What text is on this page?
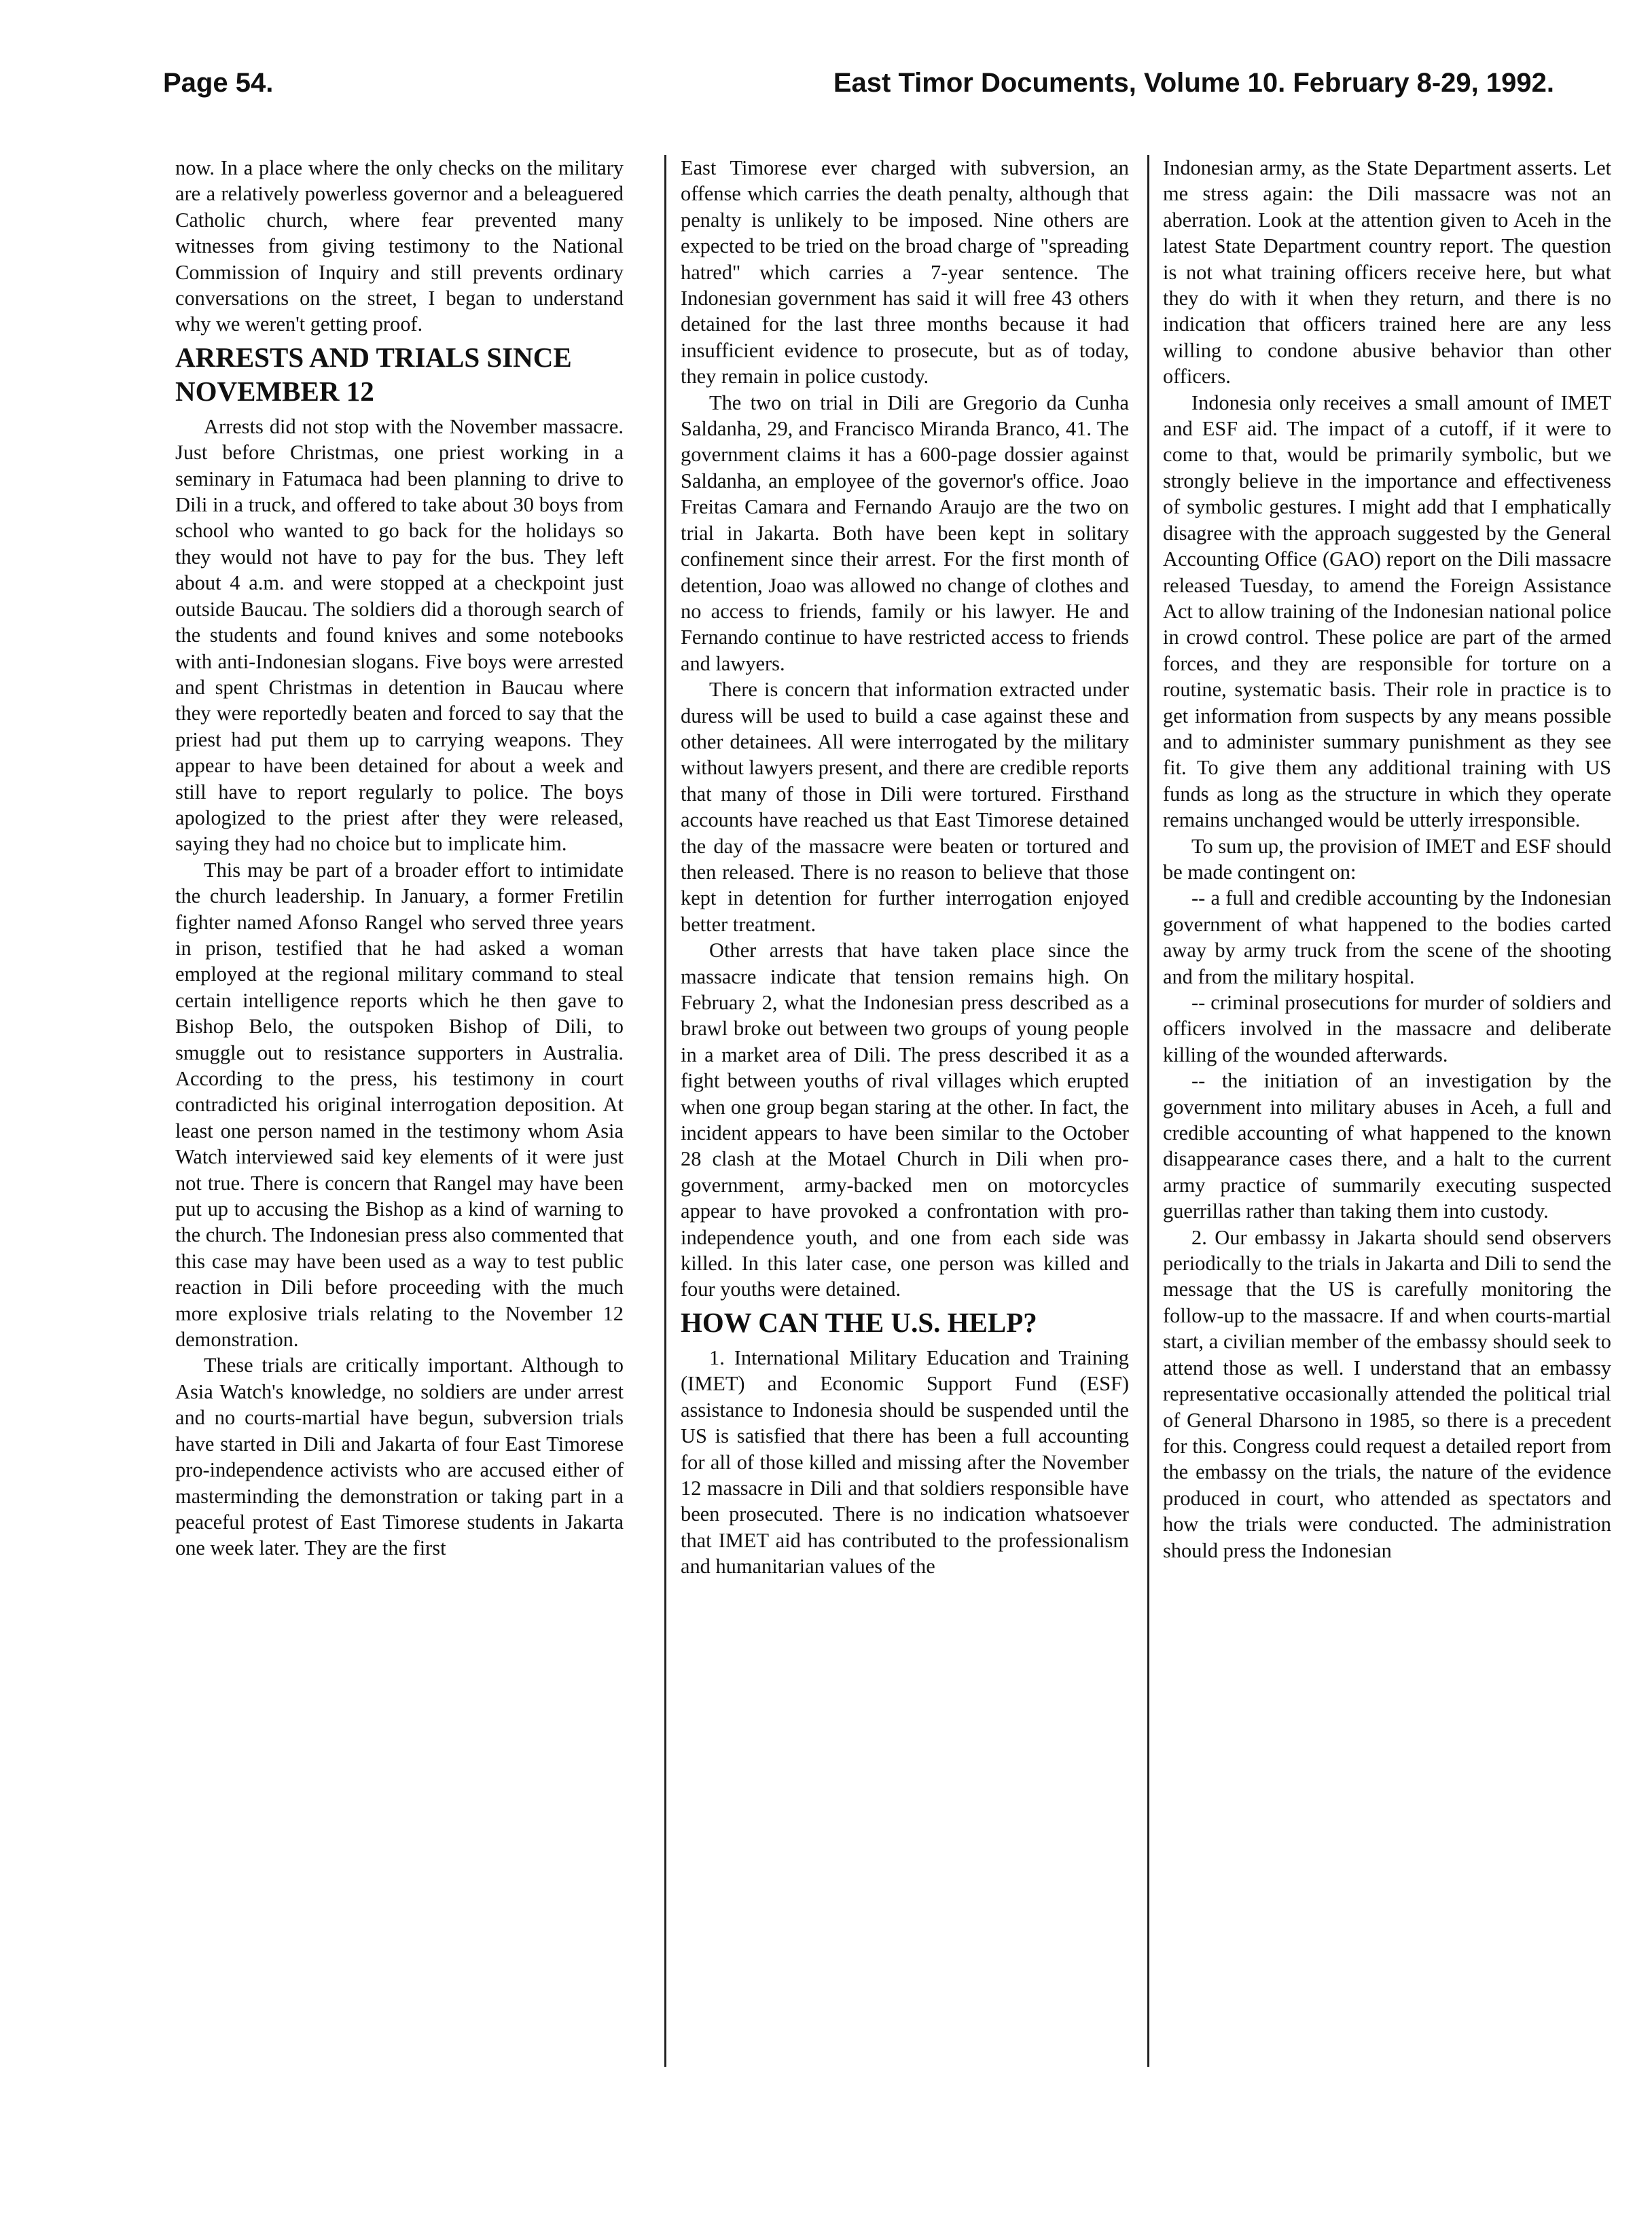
Page 54.	East Timor Documents, Volume 10. February 8-29, 1992.

now. In a place where the only checks on the military are a relatively powerless governor and a beleaguered Catholic church, where fear prevented many witnesses from giving testimony to the National Commission of Inquiry and still prevents ordinary conversations on the street, I began to understand why we weren't getting proof.

ARRESTS AND TRIALS SINCE NOVEMBER 12

Arrests did not stop with the November massacre. Just before Christmas, one priest working in a seminary in Fatumaca had been planning to drive to Dili in a truck, and offered to take about 30 boys from school who wanted to go back for the holidays so they would not have to pay for the bus. They left about 4 a.m. and were stopped at a checkpoint just outside Baucau. The soldiers did a thorough search of the students and found knives and some notebooks with anti-Indonesian slogans. Five boys were arrested and spent Christmas in detention in Baucau where they were reportedly beaten and forced to say that the priest had put them up to carrying weapons. They appear to have been detained for about a week and still have to report regularly to police. The boys apologized to the priest after they were released, saying they had no choice but to implicate him.

This may be part of a broader effort to intimidate the church leadership. In January, a former Fretilin fighter named Afonso Rangel who served three years in prison, testified that he had asked a woman employed at the regional military command to steal certain intelligence reports which he then gave to Bishop Belo, the outspoken Bishop of Dili, to smuggle out to resistance supporters in Australia. According to the press, his testimony in court contradicted his original interrogation deposition. At least one person named in the testimony whom Asia Watch interviewed said key elements of it were just not true. There is concern that Rangel may have been put up to accusing the Bishop as a kind of warning to the church. The Indonesian press also commented that this case may have been used as a way to test public reaction in Dili before proceeding with the much more explosive trials relating to the November 12 demonstration.

These trials are critically important. Although to Asia Watch's knowledge, no soldiers are under arrest and no courts-martial have begun, subversion trials have started in Dili and Jakarta of four East Timorese pro-independence activists who are accused either of masterminding the demonstration or taking part in a peaceful protest of East Timorese students in Jakarta one week later. They are the first

East Timorese ever charged with subversion, an offense which carries the death penalty, although that penalty is unlikely to be imposed. Nine others are expected to be tried on the broad charge of "spreading hatred" which carries a 7-year sentence. The Indonesian government has said it will free 43 others detained for the last three months because it had insufficient evidence to prosecute, but as of today, they remain in police custody.

The two on trial in Dili are Gregorio da Cunha Saldanha, 29, and Francisco Miranda Branco, 41. The government claims it has a 600-page dossier against Saldanha, an employee of the governor's office. Joao Freitas Camara and Fernando Araujo are the two on trial in Jakarta. Both have been kept in solitary confinement since their arrest. For the first month of detention, Joao was allowed no change of clothes and no access to friends, family or his lawyer. He and Fernando continue to have restricted access to friends and lawyers.

There is concern that information extracted under duress will be used to build a case against these and other detainees. All were interrogated by the military without lawyers present, and there are credible reports that many of those in Dili were tortured. Firsthand accounts have reached us that East Timorese detained the day of the massacre were beaten or tortured and then released. There is no reason to believe that those kept in detention for further interrogation enjoyed better treatment.

Other arrests that have taken place since the massacre indicate that tension remains high. On February 2, what the Indonesian press described as a brawl broke out between two groups of young people in a market area of Dili. The press described it as a fight between youths of rival villages which erupted when one group began staring at the other. In fact, the incident appears to have been similar to the October 28 clash at the Motael Church in Dili when pro-government, army-backed men on motorcycles appear to have provoked a confrontation with pro-independence youth, and one from each side was killed. In this later case, one person was killed and four youths were detained.

HOW CAN THE U.S. HELP?

1. International Military Education and Training (IMET) and Economic Support Fund (ESF) assistance to Indonesia should be suspended until the US is satisfied that there has been a full accounting for all of those killed and missing after the November 12 massacre in Dili and that soldiers responsible have been prosecuted. There is no indication whatsoever that IMET aid has contributed to the professionalism and humanitarian values of the

Indonesian army, as the State Department asserts. Let me stress again: the Dili massacre was not an aberration. Look at the attention given to Aceh in the latest State Department country report. The question is not what training officers receive here, but what they do with it when they return, and there is no indication that officers trained here are any less willing to condone abusive behavior than other officers.

Indonesia only receives a small amount of IMET and ESF aid. The impact of a cutoff, if it were to come to that, would be primarily symbolic, but we strongly believe in the importance and effectiveness of symbolic gestures. I might add that I emphatically disagree with the approach suggested by the General Accounting Office (GAO) report on the Dili massacre released Tuesday, to amend the Foreign Assistance Act to allow training of the Indonesian national police in crowd control. These police are part of the armed forces, and they are responsible for torture on a routine, systematic basis. Their role in practice is to get information from suspects by any means possible and to administer summary punishment as they see fit. To give them any additional training with US funds as long as the structure in which they operate remains unchanged would be utterly irresponsible.

To sum up, the provision of IMET and ESF should be made contingent on:

-- a full and credible accounting by the Indonesian government of what happened to the bodies carted away by army truck from the scene of the shooting and from the military hospital.

-- criminal prosecutions for murder of soldiers and officers involved in the massacre and deliberate killing of the wounded afterwards.

-- the initiation of an investigation by the government into military abuses in Aceh, a full and credible accounting of what happened to the known disappearance cases there, and a halt to the current army practice of summarily executing suspected guerrillas rather than taking them into custody.

2. Our embassy in Jakarta should send observers periodically to the trials in Jakarta and Dili to send the message that the US is carefully monitoring the follow-up to the massacre. If and when courts-martial start, a civilian member of the embassy should seek to attend those as well. I understand that an embassy representative occasionally attended the political trial of General Dharsono in 1985, so there is a precedent for this. Congress could request a detailed report from the embassy on the trials, the nature of the evidence produced in court, who attended as spectators and how the trials were conducted. The administration should press the Indonesian
